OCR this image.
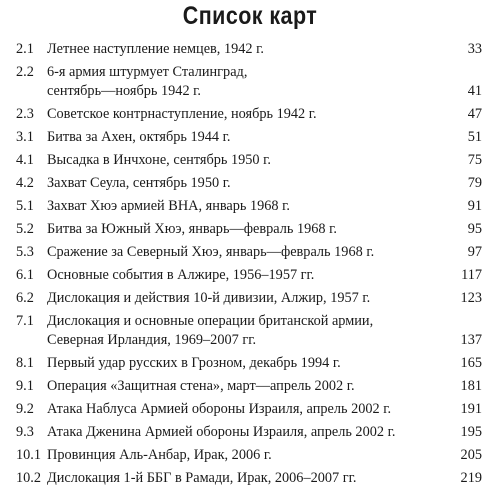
Список карт
2.1 Летнее наступление немцев, 1942 г.	33
2.2 6-я армия штурмует Сталинград,
сентябрь—ноябрь 1942 г.	41
2.3 Советское контрнаступление, ноябрь 1942 г.	47
3.1 Битва за Ахен, октябрь 1944 г.	51
4.1 Высадка в Инчхоне, сентябрь 1950 г.	75
4.2 Захват Сеула, сентябрь 1950 г.	79
5.1 Захват Хюэ армией ВНА, январь 1968 г.	91
5.2 Битва за Южный Хюэ, январь—февраль 1968 г.	95
5.3 Сражение за Северный Хюэ, январь—февраль 1968 г.	97
6.1 Основные события в Алжире, 1956–1957 гг.	117
6.2 Дислокация и действия 10-й дивизии, Алжир, 1957 г.	123
7.1 Дислокация и основные операции британской армии,
Северная Ирландия, 1969–2007 гг.	137
8.1 Первый удар русских в Грозном, декабрь 1994 г.	165
9.1 Операция «Защитная стена», март—апрель 2002 г.	181
9.2 Атака Наблуса Армией обороны Израиля, апрель 2002 г.	191
9.3 Атака Дженина Армией обороны Израиля, апрель 2002 г.	195
10.1 Провинция Аль-Анбар, Ирак, 2006 г.	205
10.2 Дислокация 1-й ББГ в Рамади, Ирак, 2006–2007 гг.	219
